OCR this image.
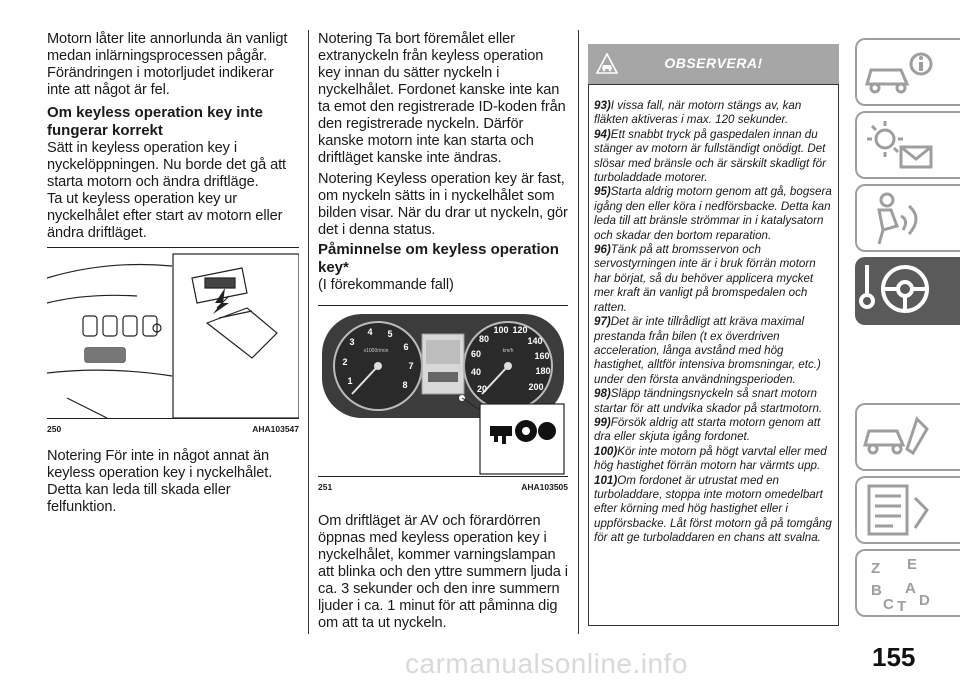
Motorn låter lite annorlunda än vanligt medan inlärningsprocessen pågår. Förändringen i motorljudet indikerar inte att något är fel.

Om keyless operation key inte fungerar korrekt

Sätt in keyless operation key i nyckelöppningen. Nu borde det gå att starta motorn och ändra driftläge.

Ta ut keyless operation key ur nyckelhålet efter start av motorn eller ändra driftläget.

250	AHA103547

Notering För inte in något annat än keyless operation key i nyckelhålet. Detta kan leda till skada eller felfunktion.

Notering Ta bort föremålet eller extranyckeln från keyless operation key innan du sätter nyckeln i nyckelhålet. Fordonet kanske inte kan ta emot den registrerade ID-koden från den registrerade nyckeln. Därför kanske motorn inte kan starta och driftläget kanske inte ändras.

Notering Keyless operation key är fast, om nyckeln sätts in i nyckelhålet som bilden visar. När du drar ut nyckeln, gör det i denna status.

Påminnelse om keyless operation key*

(I förekommande fall)

1
2
3
4 5
6
7
8	20
40
60
80
100 120
140
160
180
200
x1000r/min	km/h
251	AHA103505

Om driftläget är AV och förardörren öppnas med keyless operation key i nyckelhålet, kommer varningslampan att blinka och den yttre summern ljuda i ca. 3 sekunder och den inre summern ljuder i ca. 1 minut för att påminna dig om att ta ut nyckeln.

OBSERVERA!

93)I vissa fall, när motorn stängs av, kan fläkten aktiveras i max. 120 sekunder.

94)Ett snabbt tryck på gaspedalen innan du stänger av motorn är fullständigt onödigt. Det slösar med bränsle och är särskilt skadligt för turboladdade motorer.

95)Starta aldrig motorn genom att gå, bogsera igång den eller köra i nedförsbacke. Detta kan leda till att bränsle strömmar in i katalysatorn och skadar den bortom reparation.

96)Tänk på att bromsservon och servostyrningen inte är i bruk förrän motorn har börjat, så du behöver applicera mycket mer kraft än vanligt på bromspedalen och ratten.

97)Det är inte tillrådligt att kräva maximal prestanda från bilen (t ex överdriven acceleration, långa avstånd med hög hastighet, alltför intensiva bromsningar, etc.) under den första användningsperioden.

98)Släpp tändningsnyckeln så snart motorn startar för att undvika skador på startmotorn.

99)Försök aldrig att starta motorn genom att dra eller skjuta igång fordonet.

100)Kör inte motorn på högt varvtal eller med hög hastighet förrän motorn har värmts upp.

101)Om fordonet är utrustat med en turboladdare, stoppa inte motorn omedelbart efter körning med hög hastighet eller i uppförsbacke. Låt först motorn gå på tomgång för att ge turboladdaren en chans att svalna.

Z E
B A
C T D
155
carmanualsonline.info
